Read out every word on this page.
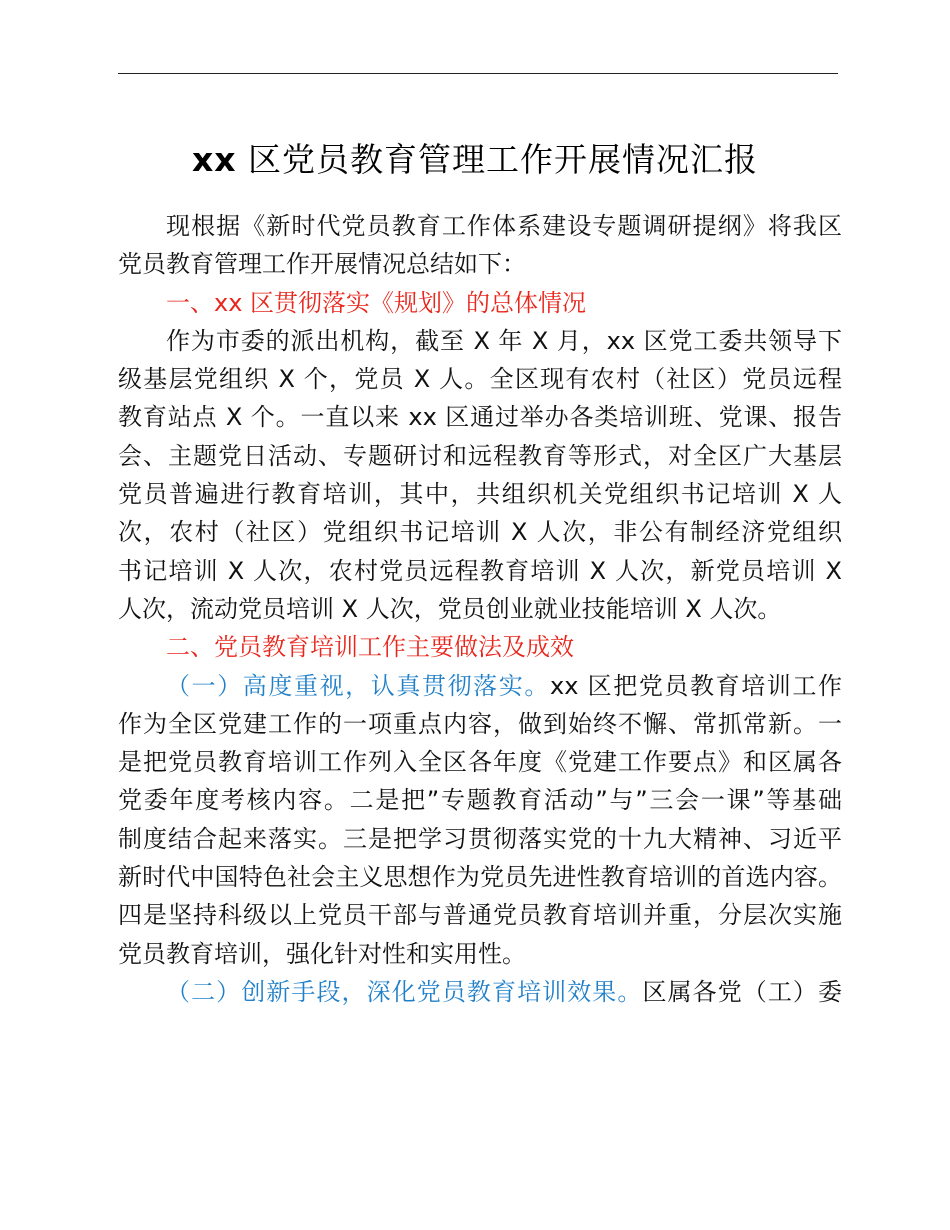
xx 区党员教育管理工作开展情况汇报

现根据《新时代党员教育工作体系建设专题调研提纲》将我区

党员教育管理工作开展情况总结如下：

一、xx 区贯彻落实《规划》的总体情况

作为市委的派出机构，截至 X 年 X 月，xx 区党工委共领导下

级基层党组织 X 个，党员 X 人。全区现有农村（社区）党员远程

教育站点 X 个。一直以来 xx 区通过举办各类培训班、党课、报告

会、主题党日活动、专题研讨和远程教育等形式，对全区广大基层

党员普遍进行教育培训，其中，共组织机关党组织书记培训 X 人

次，农村（社区）党组织书记培训 X 人次，非公有制经济党组织

书记培训 X 人次，农村党员远程教育培训 X 人次，新党员培训 X

人次，流动党员培训 X 人次，党员创业就业技能培训 X 人次。

二、党员教育培训工作主要做法及成效

（一）高度重视，认真贯彻落实。xx 区把党员教育培训工作

作为全区党建工作的一项重点内容，做到始终不懈、常抓常新。一

是把党员教育培训工作列入全区各年度《党建工作要点》和区属各

党委年度考核内容。二是把”专题教育活动”与”三会一课”等基础

制度结合起来落实。三是把学习贯彻落实党的十九大精神、习近平

新时代中国特色社会主义思想作为党员先进性教育培训的首选内容。

四是坚持科级以上党员干部与普通党员教育培训并重，分层次实施

党员教育培训，强化针对性和实用性。

（二）创新手段，深化党员教育培训效果。区属各党（工）委
